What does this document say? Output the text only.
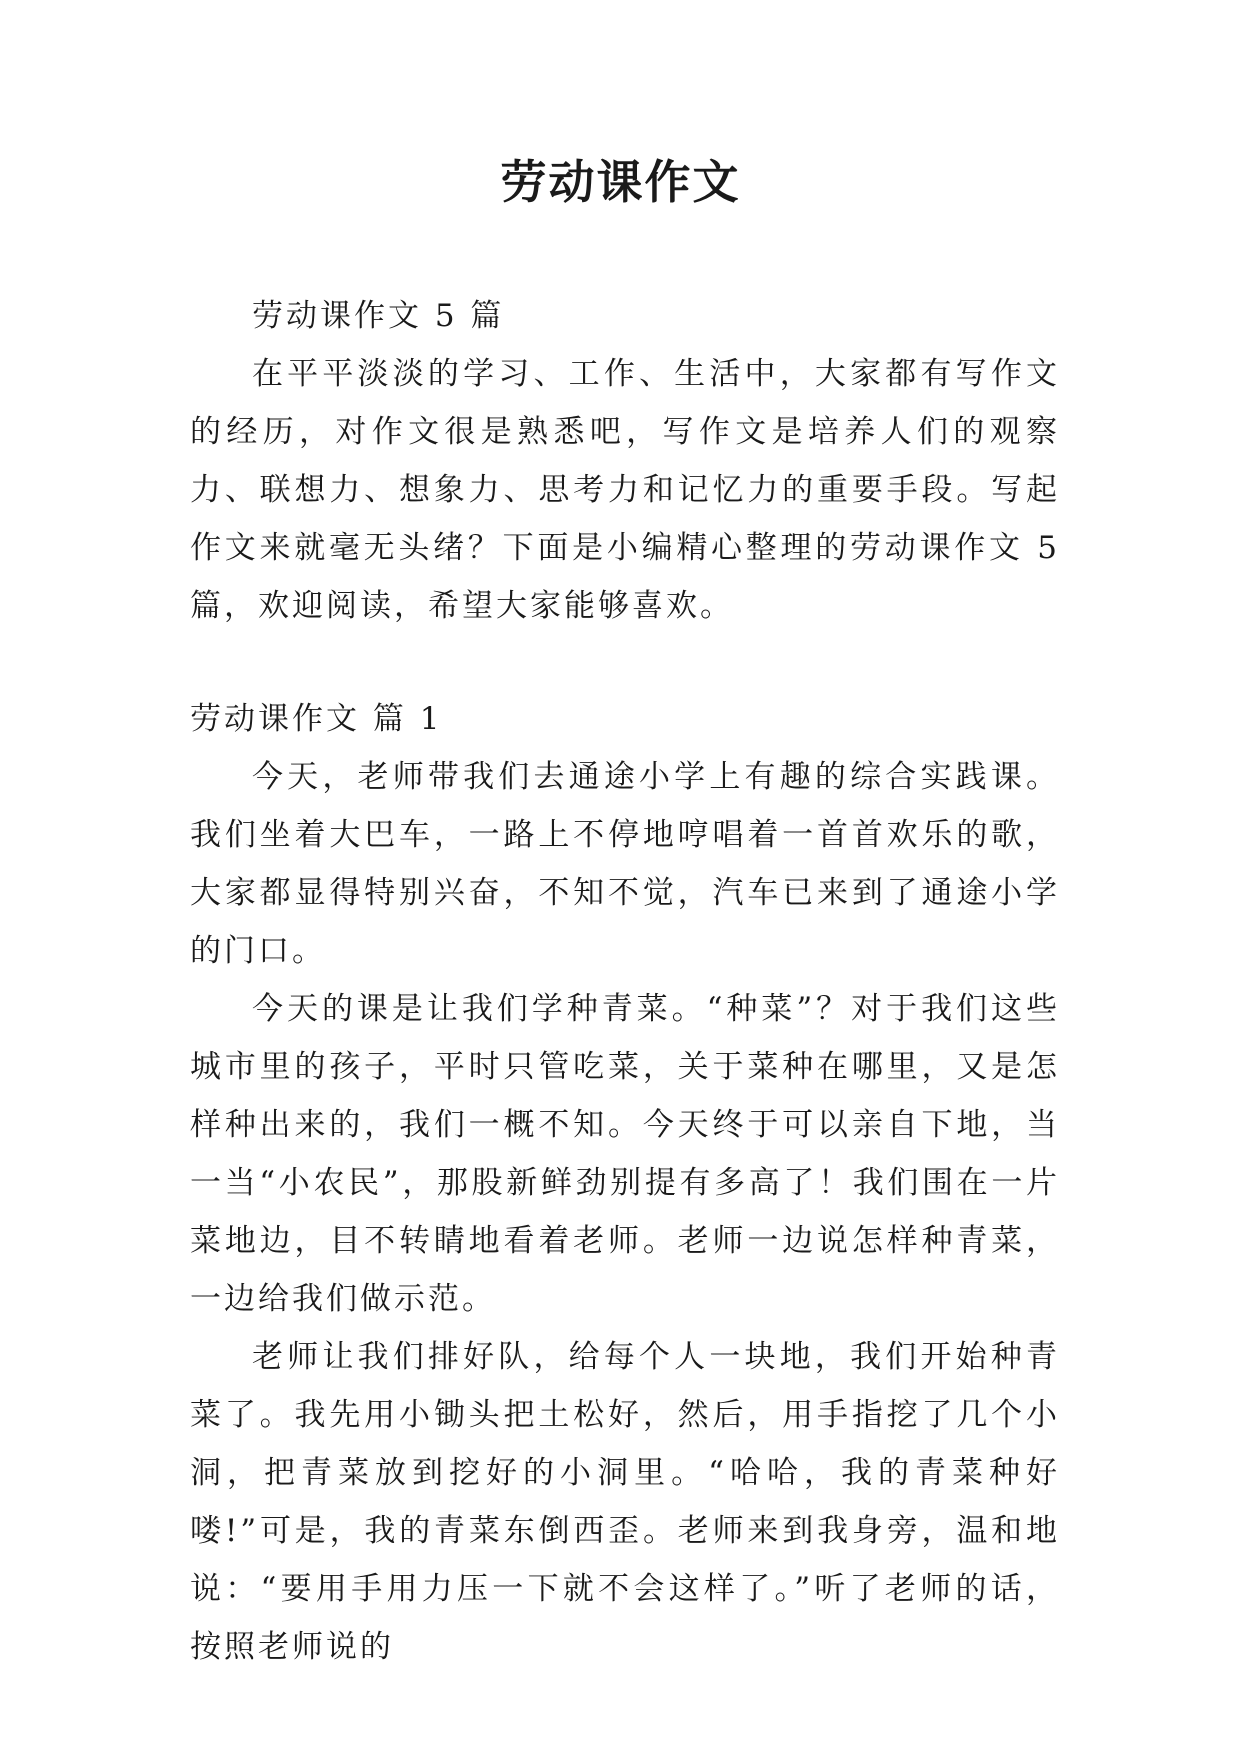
劳动课作文

劳动课作文 5 篇

在平平淡淡的学习、工作、生活中，大家都有写作文的经历，对作文很是熟悉吧，写作文是培养人们的观察力、联想力、想象力、思考力和记忆力的重要手段。写起作文来就毫无头绪？下面是小编精心整理的劳动课作文 5 篇，欢迎阅读，希望大家能够喜欢。

劳动课作文 篇 1

今天，老师带我们去通途小学上有趣的综合实践课。我们坐着大巴车，一路上不停地哼唱着一首首欢乐的歌，大家都显得特别兴奋，不知不觉，汽车已来到了通途小学的门口。

今天的课是让我们学种青菜。“种菜”？对于我们这些城市里的孩子，平时只管吃菜，关于菜种在哪里，又是怎样种出来的，我们一概不知。今天终于可以亲自下地，当一当“小农民”，那股新鲜劲别提有多高了！我们围在一片菜地边，目不转睛地看着老师。老师一边说怎样种青菜，一边给我们做示范。

老师让我们排好队，给每个人一块地，我们开始种青菜了。我先用小锄头把土松好，然后，用手指挖了几个小洞，把青菜放到挖好的小洞里。“哈哈，我的青菜种好喽!”可是，我的青菜东倒西歪。老师来到我身旁，温和地说：“要用手用力压一下就不会这样了。”听了老师的话，按照老师说的
